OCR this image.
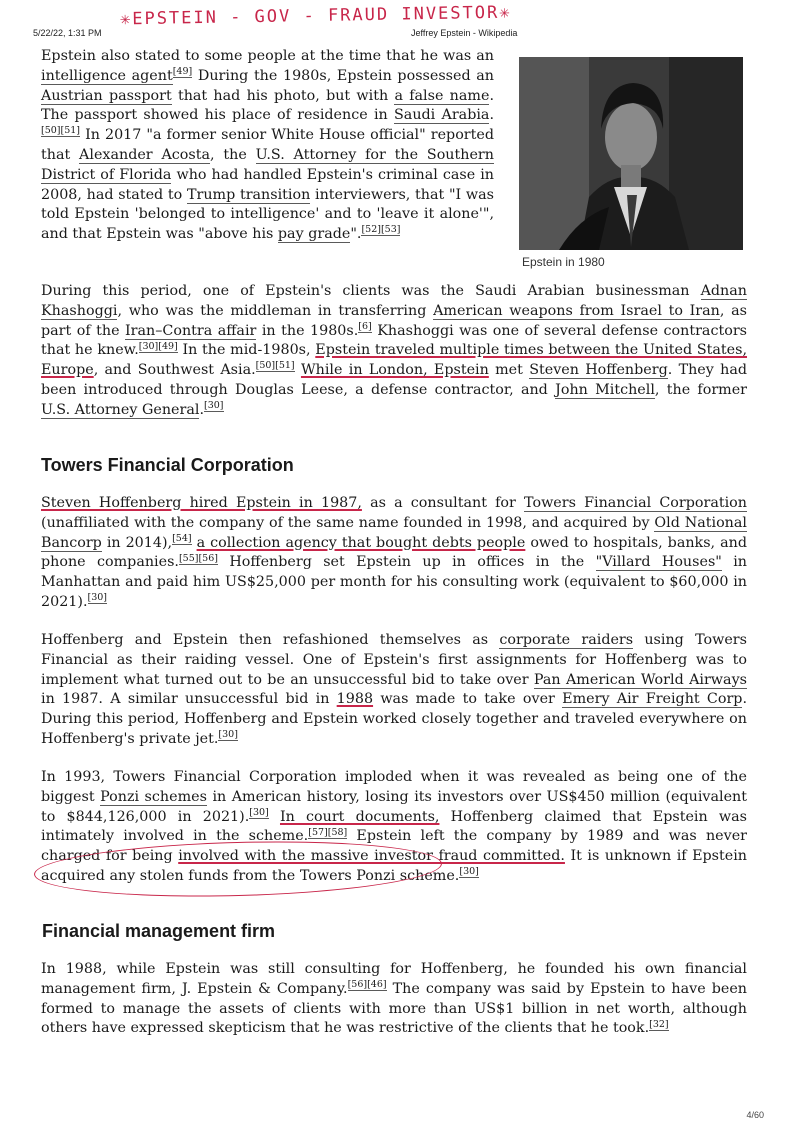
5/22/22, 1:31 PM	Jeffrey Epstein - Wikipedia
✳EPSTEIN - GOV - FRAUD INVESTOR✳

Epstein also stated to some people at the time that he was an intelligence agent[49] During the 1980s, Epstein possessed an Austrian passport that had his photo, but with a false name. The passport showed his place of residence in Saudi Arabia.[50][51] In 2017 "a former senior White House official" reported that Alexander Acosta, the U.S. Attorney for the Southern District of Florida who had handled Epstein's criminal case in 2008, had stated to Trump transition interviewers, that "I was told Epstein 'belonged to intelligence' and to 'leave it alone'", and that Epstein was "above his pay grade".[52][53]

Epstein in 1980

During this period, one of Epstein's clients was the Saudi Arabian businessman Adnan Khashoggi, who was the middleman in transferring American weapons from Israel to Iran, as part of the Iran–Contra affair in the 1980s.[6] Khashoggi was one of several defense contractors that he knew.[30][49] In the mid-1980s, Epstein traveled multiple times between the United States, Europe, and Southwest Asia.[50][51] While in London, Epstein met Steven Hoffenberg. They had been introduced through Douglas Leese, a defense contractor, and John Mitchell, the former U.S. Attorney General.[30]

Towers Financial Corporation

Steven Hoffenberg hired Epstein in 1987, as a consultant for Towers Financial Corporation (unaffiliated with the company of the same name founded in 1998, and acquired by Old National Bancorp in 2014),[54] a collection agency that bought debts people owed to hospitals, banks, and phone companies.[55][56] Hoffenberg set Epstein up in offices in the "Villard Houses" in Manhattan and paid him US$25,000 per month for his consulting work (equivalent to $60,000 in 2021).[30]

Hoffenberg and Epstein then refashioned themselves as corporate raiders using Towers Financial as their raiding vessel. One of Epstein's first assignments for Hoffenberg was to implement what turned out to be an unsuccessful bid to take over Pan American World Airways in 1987. A similar unsuccessful bid in 1988 was made to take over Emery Air Freight Corp. During this period, Hoffenberg and Epstein worked closely together and traveled everywhere on Hoffenberg's private jet.[30]

In 1993, Towers Financial Corporation imploded when it was revealed as being one of the biggest Ponzi schemes in American history, losing its investors over US$450 million (equivalent to $844,126,000 in 2021).[30] In court documents, Hoffenberg claimed that Epstein was intimately involved in the scheme.[57][58] Epstein left the company by 1989 and was never charged for being involved with the massive investor fraud committed. It is unknown if Epstein acquired any stolen funds from the Towers Ponzi scheme.[30]

Financial management firm

In 1988, while Epstein was still consulting for Hoffenberg, he founded his own financial management firm, J. Epstein & Company.[56][46] The company was said by Epstein to have been formed to manage the assets of clients with more than US$1 billion in net worth, although others have expressed skepticism that he was restrictive of the clients that he took.[32]

4/60
